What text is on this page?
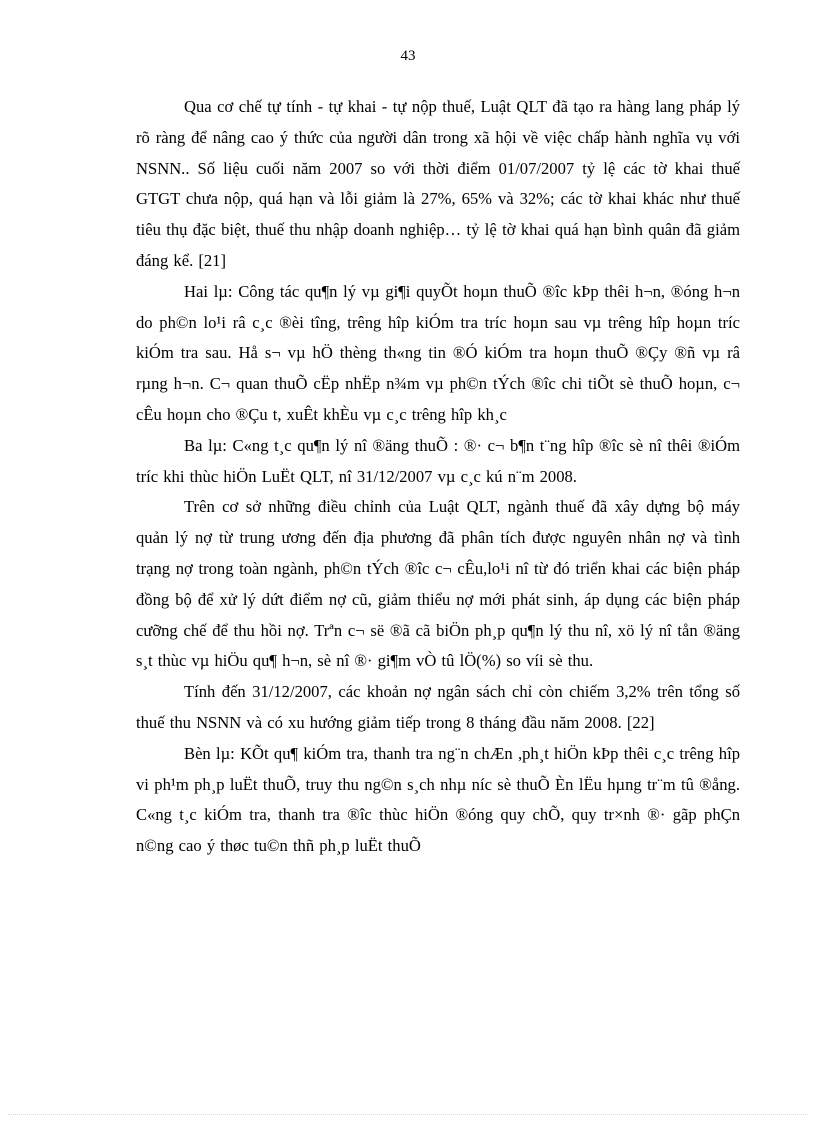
43

Qua cơ chế tự tính - tự khai - tự nộp thuế, Luật QLT đã tạo ra hàng lang pháp lý rõ ràng để nâng cao ý thức của người dân trong xã hội về việc chấp hành nghĩa vụ với NSNN.. Số liệu cuối năm 2007 so với thời điểm 01/07/2007 tỷ lệ các tờ khai thuế GTGT chưa nộp, quá hạn và lỗi giảm là 27%, 65% và 32%; các tờ khai khác như thuế tiêu thụ đặc biệt, thuế thu nhập doanh nghiệp… tỷ lệ tờ khai quá hạn bình quân đã giảm đáng kể. [21]

Hai lµ: Công tác qu¶n lý vµ gi¶i quyÕt hoµn thuÕ ®îc kÞp thêi h¬n, ®óng h¬n do ph©n lo¹i râ c¸c ®èi tîng, trêng hîp kiÓm tra tríc hoµn sau vµ trêng hîp hoµn tríc kiÓm tra sau. Hå s¬ vµ hÖ thèng th«ng tin ®Ó kiÓm tra hoµn thuÕ ®Çy ®ñ vµ râ rµng h¬n. C¬ quan thuÕ cËp nhËp n¾m vµ ph©n tÝch ®îc chi tiÕt sè thuÕ hoµn, c¬ cÊu hoµn cho ®Çu t, xuÊt khÈu vµ c¸c trêng hîp kh¸c

Ba lµ: C«ng t¸c qu¶n lý nî ®äng thuÕ : ®· c¬ b¶n t¨ng hîp ®îc sè nî thêi ®iÓm tríc khi thùc hiÖn LuËt QLT, nî 31/12/2007 vµ c¸c kú n¨m 2008.

Trên cơ sở những điều chỉnh của Luật QLT, ngành thuế đã xây dựng bộ máy quản lý nợ từ trung ương đến địa phương đã phân tích được nguyên nhân nợ và tình trạng nợ trong toàn ngành, ph©n tÝch ®îc c¬ cÊu,lo¹i nî từ đó triển khai các biện pháp đồng bộ để xử lý dứt điểm nợ cũ, giảm thiểu nợ mới phát sinh, áp dụng các biện pháp cưỡng chế để thu hồi nợ. Trªn c¬ së ®ã cã biÖn ph¸p qu¶n lý thu nî, xö lý nî tån ®äng s¸t thùc vµ hiÖu qu¶ h¬n, sè nî ®· gi¶m vÒ tû lÖ(%) so víi sè thu.

Tính đến 31/12/2007, các khoản nợ ngân sách chỉ còn chiếm 3,2% trên tổng số thuế thu NSNN và có xu hướng giảm tiếp trong 8 tháng đầu năm 2008. [22]

Bèn lµ: KÕt qu¶ kiÓm tra, thanh tra ng¨n chÆn ,ph¸t hiÖn kÞp thêi c¸c trêng hîp vi ph¹m ph¸p luËt thuÕ, truy thu ng©n s¸ch nhµ níc sè thuÕ Èn lËu hµng tr¨m tû ®ång. C«ng t¸c kiÓm tra, thanh tra ®îc thùc hiÖn ®óng quy chÕ, quy tr×nh ®· gãp phÇn n©ng cao ý thøc tu©n thñ ph¸p luËt thuÕ
